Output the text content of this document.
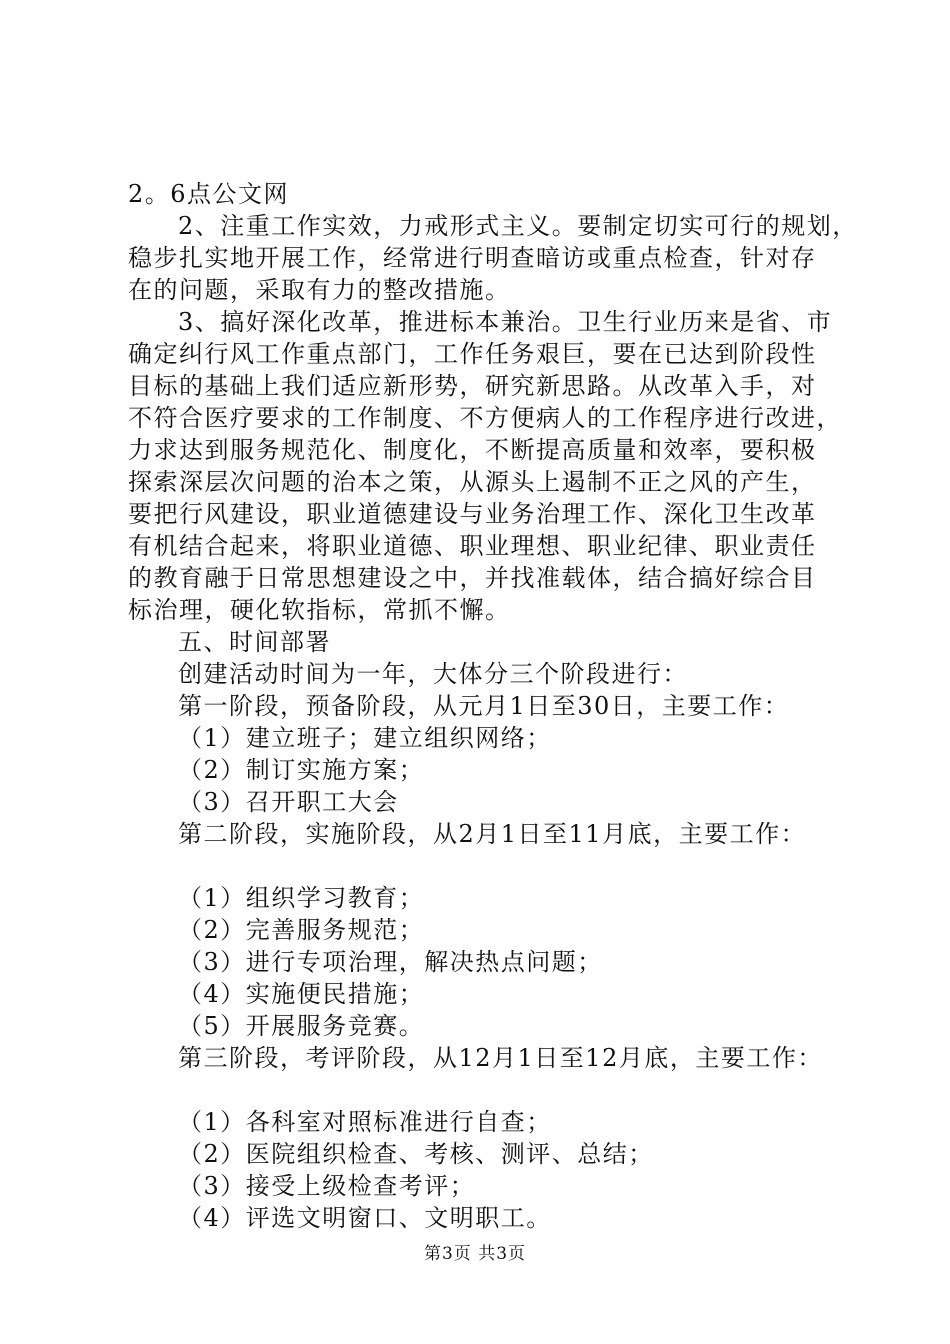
2。6点公文网
2、注重工作实效，力戒形式主义。要制定切实可行的规划，
稳步扎实地开展工作，经常进行明查暗访或重点检查，针对存
在的问题，采取有力的整改措施。
3、搞好深化改革，推进标本兼治。卫生行业历来是省、市
确定纠行风工作重点部门，工作任务艰巨，要在已达到阶段性
目标的基础上我们适应新形势，研究新思路。从改革入手，对
不符合医疗要求的工作制度、不方便病人的工作程序进行改进，
力求达到服务规范化、制度化，不断提高质量和效率，要积极
探索深层次问题的治本之策，从源头上遏制不正之风的产生，
要把行风建设，职业道德建设与业务治理工作、深化卫生改革
有机结合起来，将职业道德、职业理想、职业纪律、职业责任
的教育融于日常思想建设之中，并找准载体，结合搞好综合目
标治理，硬化软指标，常抓不懈。
五、时间部署
创建活动时间为一年，大体分三个阶段进行：
第一阶段，预备阶段，从元月1日至30日，主要工作：
（1）建立班子；建立组织网络；
（2）制订实施方案；
（3）召开职工大会
第二阶段，实施阶段，从2月1日至11月底，主要工作：
（1）组织学习教育；
（2）完善服务规范；
（3）进行专项治理，解决热点问题；
（4）实施便民措施；
（5）开展服务竞赛。
第三阶段，考评阶段，从12月1日至12月底，主要工作：
（1）各科室对照标准进行自查；
（2）医院组织检查、考核、测评、总结；
（3）接受上级检查考评；
（4）评选文明窗口、文明职工。
第3页 共3页
